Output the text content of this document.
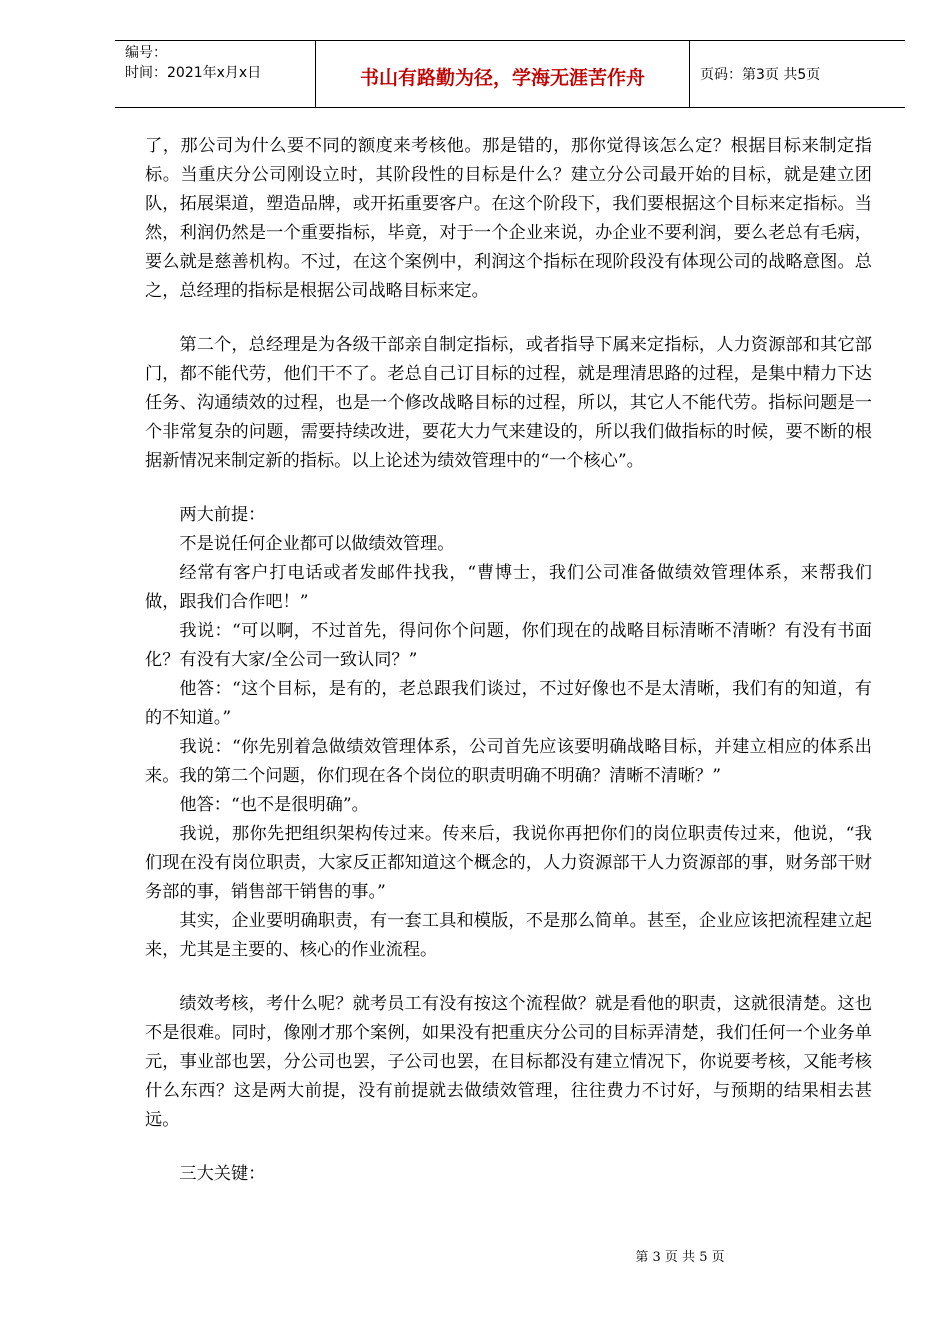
编号：
时间：2021年x月x日	书山有路勤为径，学海无涯苦作舟	页码：第3页 共5页

了，那公司为什么要不同的额度来考核他。那是错的，那你觉得该怎么定？根据目标来制定指标。当重庆分公司刚设立时，其阶段性的目标是什么？建立分公司最开始的目标，就是建立团队，拓展渠道，塑造品牌，或开拓重要客户。在这个阶段下，我们要根据这个目标来定指标。当然，利润仍然是一个重要指标，毕竟，对于一个企业来说，办企业不要利润，要么老总有毛病，要么就是慈善机构。不过，在这个案例中，利润这个指标在现阶段没有体现公司的战略意图。总之，总经理的指标是根据公司战略目标来定。

第二个，总经理是为各级干部亲自制定指标，或者指导下属来定指标，人力资源部和其它部门，都不能代劳，他们干不了。老总自己订目标的过程，就是理清思路的过程，是集中精力下达任务、沟通绩效的过程，也是一个修改战略目标的过程，所以，其它人不能代劳。指标问题是一个非常复杂的问题，需要持续改进，要花大力气来建设的，所以我们做指标的时候，要不断的根据新情况来制定新的指标。以上论述为绩效管理中的“一个核心”。

两大前提：

不是说任何企业都可以做绩效管理。

经常有客户打电话或者发邮件找我，“曹博士，我们公司准备做绩效管理体系，来帮我们做，跟我们合作吧！”

我说：“可以啊，不过首先，得问你个问题，你们现在的战略目标清晰不清晰？有没有书面化？有没有大家/全公司一致认同？”

他答：“这个目标，是有的，老总跟我们谈过，不过好像也不是太清晰，我们有的知道，有的不知道。”

我说：“你先别着急做绩效管理体系，公司首先应该要明确战略目标，并建立相应的体系出来。我的第二个问题，你们现在各个岗位的职责明确不明确？清晰不清晰？”

他答：“也不是很明确”。

我说，那你先把组织架构传过来。传来后，我说你再把你们的岗位职责传过来，他说，“我们现在没有岗位职责，大家反正都知道这个概念的，人力资源部干人力资源部的事，财务部干财务部的事，销售部干销售的事。”

其实，企业要明确职责，有一套工具和模版，不是那么简单。甚至，企业应该把流程建立起来，尤其是主要的、核心的作业流程。

绩效考核，考什么呢？就考员工有没有按这个流程做？就是看他的职责，这就很清楚。这也不是很难。同时，像刚才那个案例，如果没有把重庆分公司的目标弄清楚，我们任何一个业务单元，事业部也罢，分公司也罢，子公司也罢，在目标都没有建立情况下，你说要考核，又能考核什么东西？这是两大前提，没有前提就去做绩效管理，往往费力不讨好，与预期的结果相去甚远。

三大关键：

第 3 页 共 5 页
